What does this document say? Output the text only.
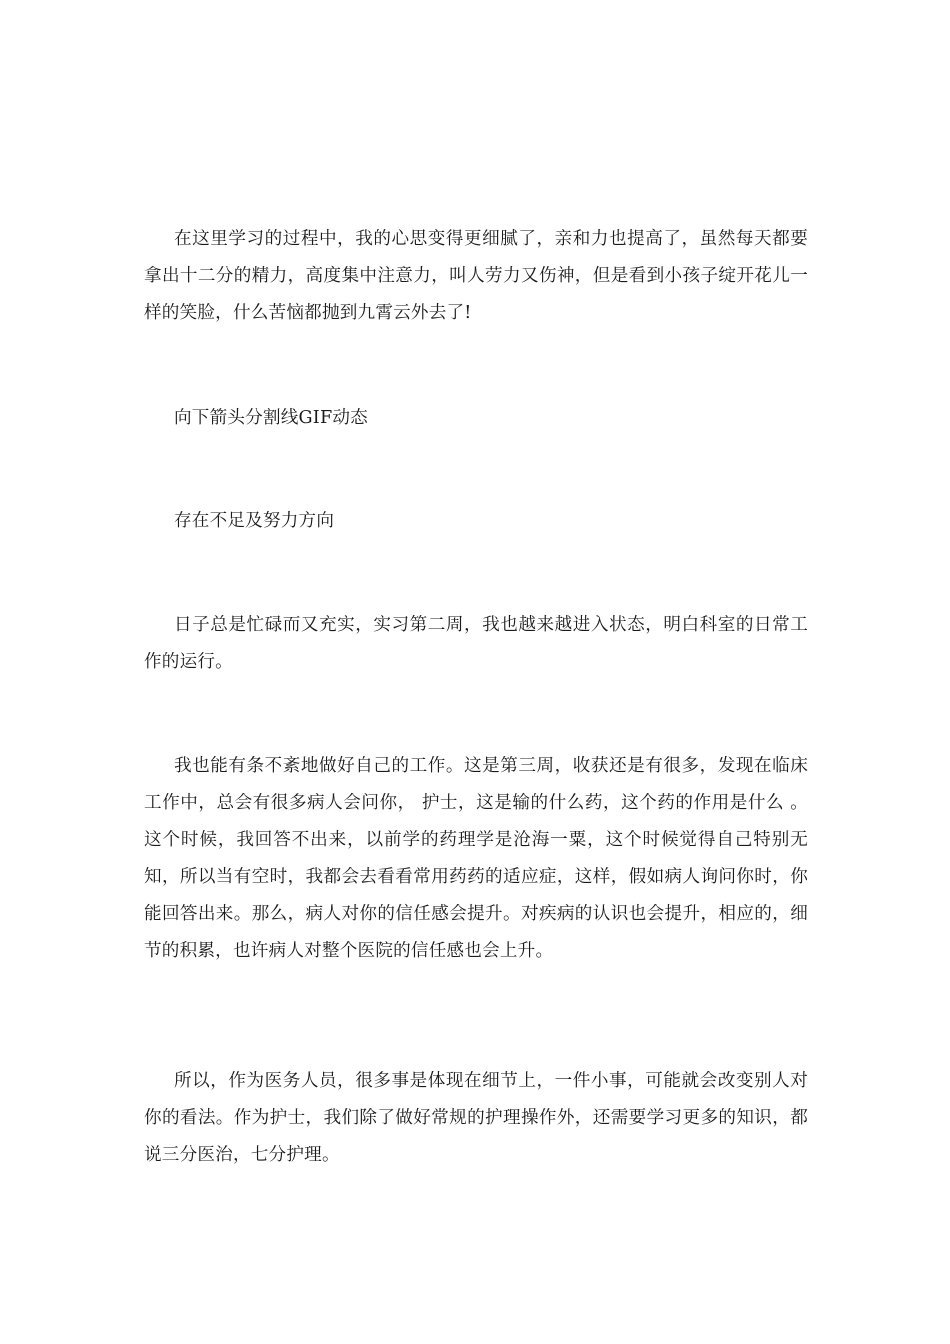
在这里学习的过程中，我的心思变得更细腻了，亲和力也提高了，虽然每天都要拿出十二分的精力，高度集中注意力，叫人劳力又伤神，但是看到小孩子绽开花儿一样的笑脸，什么苦恼都抛到九霄云外去了!

向下箭头分割线GIF动态

存在不足及努力方向

日子总是忙碌而又充实，实习第二周，我也越来越进入状态，明白科室的日常工作的运行。

我也能有条不紊地做好自己的工作。这是第三周，收获还是有很多，发现在临床工作中，总会有很多病人会问你， 护士，这是输的什么药，这个药的作用是什么 。这个时候，我回答不出来，以前学的药理学是沧海一粟，这个时候觉得自己特别无知，所以当有空时，我都会去看看常用药药的适应症，这样，假如病人询问你时，你能回答出来。那么，病人对你的信任感会提升。对疾病的认识也会提升，相应的，细节的积累，也许病人对整个医院的信任感也会上升。

所以，作为医务人员，很多事是体现在细节上，一件小事，可能就会改变别人对你的看法。作为护士，我们除了做好常规的护理操作外，还需要学习更多的知识，都说三分医治，七分护理。
